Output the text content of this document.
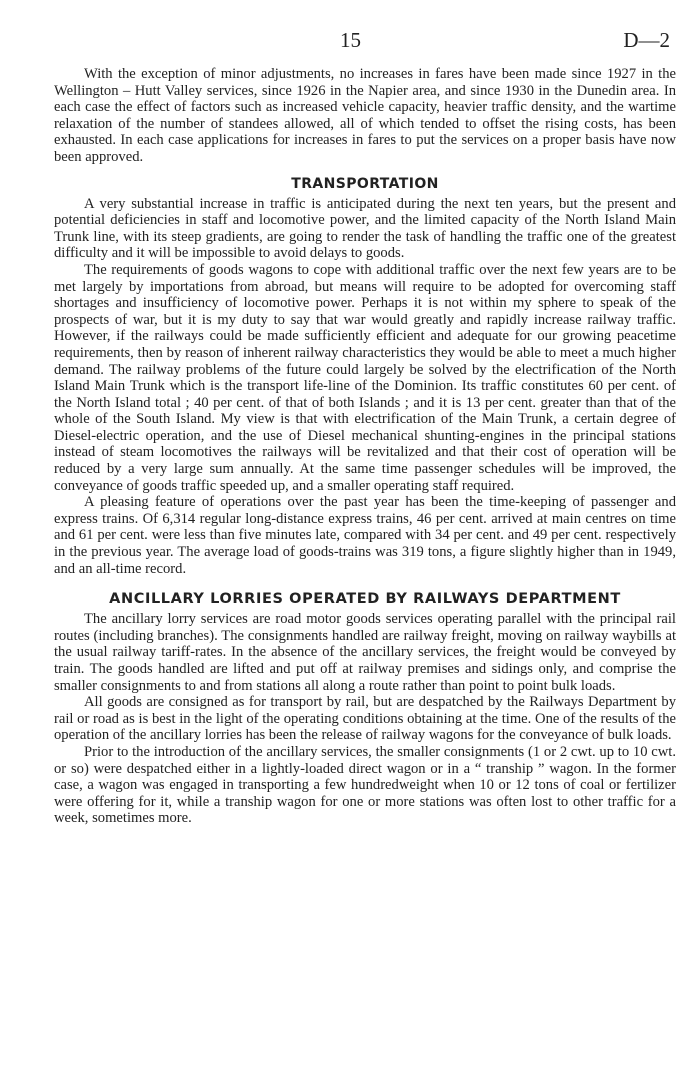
15	D—2

With the exception of minor adjustments, no increases in fares have been made since 1927 in the Wellington – Hutt Valley services, since 1926 in the Napier area, and since 1930 in the Dunedin area. In each case the effect of factors such as increased vehicle capacity, heavier traffic density, and the wartime relaxation of the number of standees allowed, all of which tended to offset the rising costs, has been exhausted. In each case applications for increases in fares to put the services on a proper basis have now been approved.

TRANSPORTATION

A very substantial increase in traffic is anticipated during the next ten years, but the present and potential deficiencies in staff and locomotive power, and the limited capacity of the North Island Main Trunk line, with its steep gradients, are going to render the task of handling the traffic one of the greatest difficulty and it will be impossible to avoid delays to goods.

The requirements of goods wagons to cope with additional traffic over the next few years are to be met largely by importations from abroad, but means will require to be adopted for overcoming staff shortages and insufficiency of locomotive power. Perhaps it is not within my sphere to speak of the prospects of war, but it is my duty to say that war would greatly and rapidly increase railway traffic. However, if the railways could be made sufficiently efficient and adequate for our growing peacetime requirements, then by reason of inherent railway characteristics they would be able to meet a much higher demand. The railway problems of the future could largely be solved by the electrification of the North Island Main Trunk which is the transport life-line of the Dominion. Its traffic constitutes 60 per cent. of the North Island total ; 40 per cent. of that of both Islands ; and it is 13 per cent. greater than that of the whole of the South Island. My view is that with electrification of the Main Trunk, a certain degree of Diesel-electric operation, and the use of Diesel mechanical shunting-engines in the principal stations instead of steam locomotives the railways will be revitalized and that their cost of operation will be reduced by a very large sum annually. At the same time passenger schedules will be improved, the conveyance of goods traffic speeded up, and a smaller operating staff required.

A pleasing feature of operations over the past year has been the time-keeping of passenger and express trains. Of 6,314 regular long-distance express trains, 46 per cent. arrived at main centres on time and 61 per cent. were less than five minutes late, compared with 34 per cent. and 49 per cent. respectively in the previous year. The average load of goods-trains was 319 tons, a figure slightly higher than in 1949, and an all-time record.

ANCILLARY LORRIES OPERATED BY RAILWAYS DEPARTMENT

The ancillary lorry services are road motor goods services operating parallel with the principal rail routes (including branches). The consignments handled are railway freight, moving on railway waybills at the usual railway tariff-rates. In the absence of the ancillary services, the freight would be conveyed by train. The goods handled are lifted and put off at railway premises and sidings only, and comprise the smaller consignments to and from stations all along a route rather than point to point bulk loads.

All goods are consigned as for transport by rail, but are despatched by the Railways Department by rail or road as is best in the light of the operating conditions obtaining at the time. One of the results of the operation of the ancillary lorries has been the release of railway wagons for the conveyance of bulk loads.

Prior to the introduction of the ancillary services, the smaller consignments (1 or 2 cwt. up to 10 cwt. or so) were despatched either in a lightly-loaded direct wagon or in a “ tranship ” wagon. In the former case, a wagon was engaged in transporting a few hundredweight when 10 or 12 tons of coal or fertilizer were offering for it, while a tranship wagon for one or more stations was often lost to other traffic for a week, sometimes more.
